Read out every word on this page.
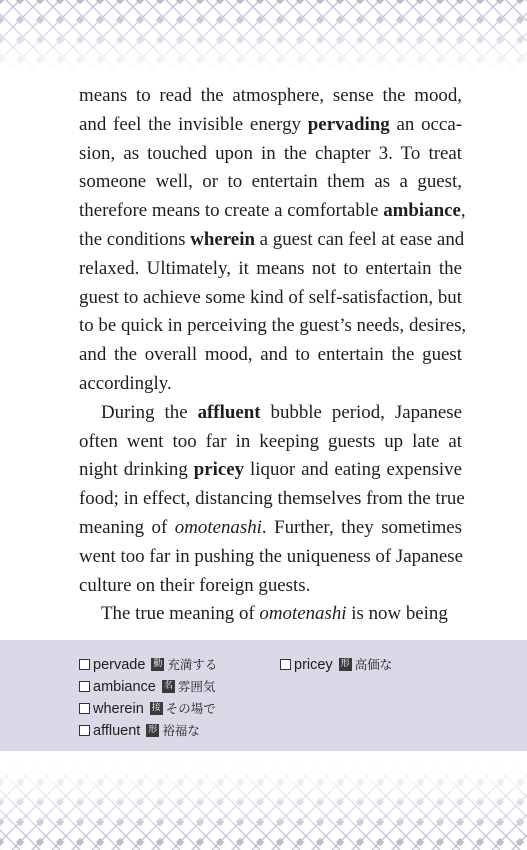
means to read the atmosphere, sense the mood,
and feel the invisible energy pervading an occa-
sion, as touched upon in the chapter 3. To treat
someone well, or to entertain them as a guest,
therefore means to create a comfortable ambiance,
the conditions wherein a guest can feel at ease and
relaxed. Ultimately, it means not to entertain the
guest to achieve some kind of self-satisfaction, but
to be quick in perceiving the guest’s needs, desires,
and the overall mood, and to entertain the guest
accordingly.
During the affluent bubble period, Japanese
often went too far in keeping guests up late at
night drinking pricey liquor and eating expensive
food; in effect, distancing themselves from the true
meaning of omotenashi. Further, they sometimes
went too far in pushing the uniqueness of Japanese
culture on their foreign guests.
The true meaning of omotenashi is now being
pervade 動 充満する
ambiance 名 雰囲気
wherein 接 その場で
affluent 形 裕福な
pricey 形 高価な
